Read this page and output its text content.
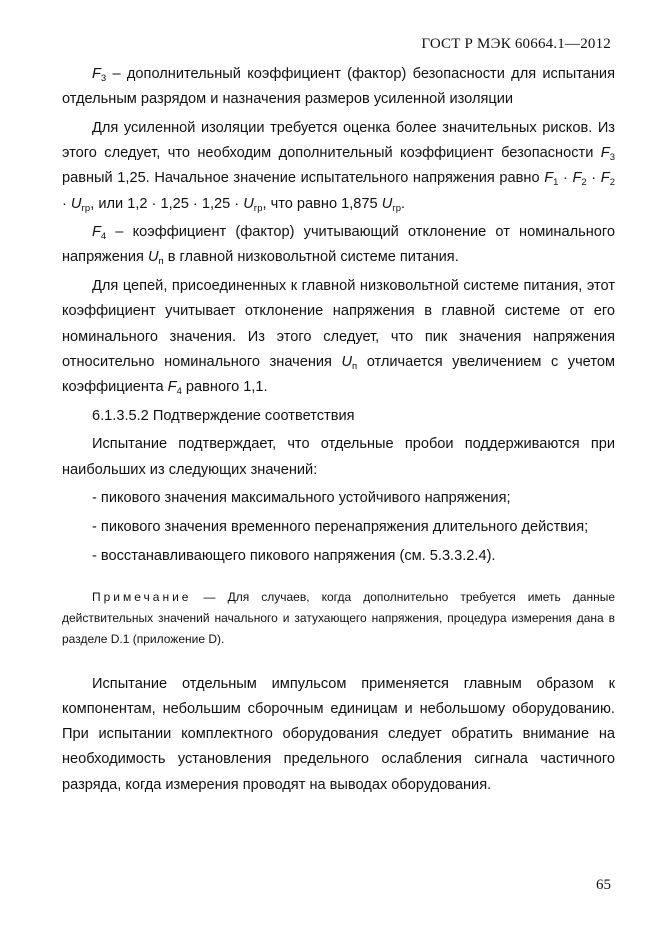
ГОСТ Р МЭК 60664.1—2012

$F_3$ – дополнительный коэффициент (фактор) безопасности для испытания отдельным разрядом и назначения размеров усиленной изоляции

Для усиленной изоляции требуется оценка более значительных рисков. Из этого следует, что необходим дополнительный коэффициент безопасности $F_3$ равный 1,25. Начальное значение испытательного напряжения равно $F_1 \cdot F_2 \cdot F_2 \cdot U_{гр}$, или $1,2 \cdot 1,25 \cdot 1,25 \cdot U_{гр}$, что равно 1,875 $U_{гр}$.

$F_4$ – коэффициент (фактор) учитывающий отклонение от номинального напряжения $U_п$ в главной низковольтной системе питания.

Для цепей, присоединенных к главной низковольтной системе питания, этот коэффициент учитывает отклонение напряжения в главной системе от его номинального значения. Из этого следует, что пик значения напряжения относительно номинального значения $U_п$ отличается увеличением с учетом коэффициента $F_4$ равного 1,1.

6.1.3.5.2 Подтверждение соответствия

Испытание подтверждает, что отдельные пробои поддерживаются при наибольших из следующих значений:

- пикового значения максимального устойчивого напряжения;

- пикового значения временного перенапряжения длительного действия;

- восстанавливающего пикового напряжения (см. 5.3.3.2.4).

Примечание — Для случаев, когда дополнительно требуется иметь данные действительных значений начального и затухающего напряжения, процедура измерения дана в разделе D.1 (приложение D).

Испытание отдельным импульсом применяется главным образом к компонентам, небольшим сборочным единицам и небольшому оборудованию. При испытании комплектного оборудования следует обратить внимание на необходимость установления предельного ослабления сигнала частичного разряда, когда измерения проводят на выводах оборудования.

65
